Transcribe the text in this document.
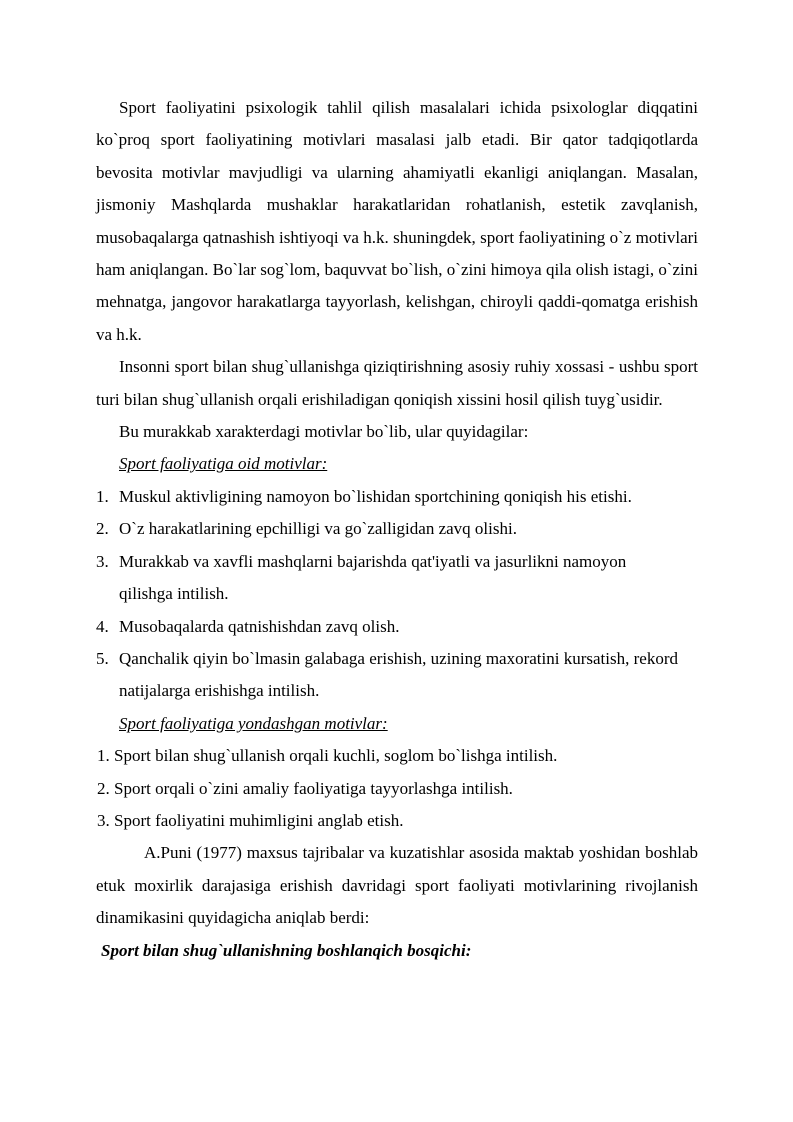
Sport faoliyatini psixologik tahlil qilish masalalari ichida psixologlar diqqatini ko`proq sport faoliyatining motivlari masalasi jalb etadi. Bir qator tadqiqotlarda bevosita motivlar mavjudligi va ularning ahamiyatli ekanligi aniqlangan. Masalan, jismoniy Mashqlarda mushaklar harakatlaridan rohatlanish, estetik zavqlanish, musobaqalarga qatnashish ishtiyoqi va h.k. shuningdek, sport faoliyatining o`z motivlari ham aniqlangan. Bo`lar sog`lom, baquvvat bo`lish, o`zini himoya qila olish istagi, o`zini mehnatga, jangovor harakatlarga tayyorlash, kelishgan, chiroyli qaddi-qomatga erishish va h.k.

Insonni sport bilan shug`ullanishga qiziqtirishning asosiy ruhiy xossasi - ushbu sport turi bilan shug`ullanish orqali erishiladigan qoniqish xissini hosil qilish tuyg`usidir.

Bu murakkab xarakterdagi motivlar bo`lib, ular quyidagilar:

Sport faoliyatiga oid motivlar:

1. Muskul aktivligining namoyon bo`lishidan sportchining qoniqish his etishi.
2. O`z harakatlarining epchilligi va go`zalligidan zavq olishi.
3. Murakkab va xavfli mashqlarni bajarishda qat'iyatli va jasurlikni namoyon qilishga intilish.
4. Musobaqalarda qatnishishdan zavq olish.
5. Qanchalik qiyin bo`lmasin galabaga erishish, uzining maxoratini kursatish, rekord natijalarga erishishga intilish.

Sport faoliyatiga yondashgan motivlar:

1. Sport bilan shug`ullanish orqali kuchli, soglom bo`lishga intilish.
2. Sport orqali o`zini amaliy faoliyatiga tayyorlashga intilish.
3. Sport faoliyatini muhimligini anglab etish.

A.Puni (1977) maxsus tajribalar va kuzatishlar asosida maktab yoshidan boshlab etuk moxirlik darajasiga erishish davridagi sport faoliyati motivlarining rivojlanish dinamikasini quyidagicha aniqlab berdi:

Sport bilan shug`ullanishning boshlanqich bosqichi:
